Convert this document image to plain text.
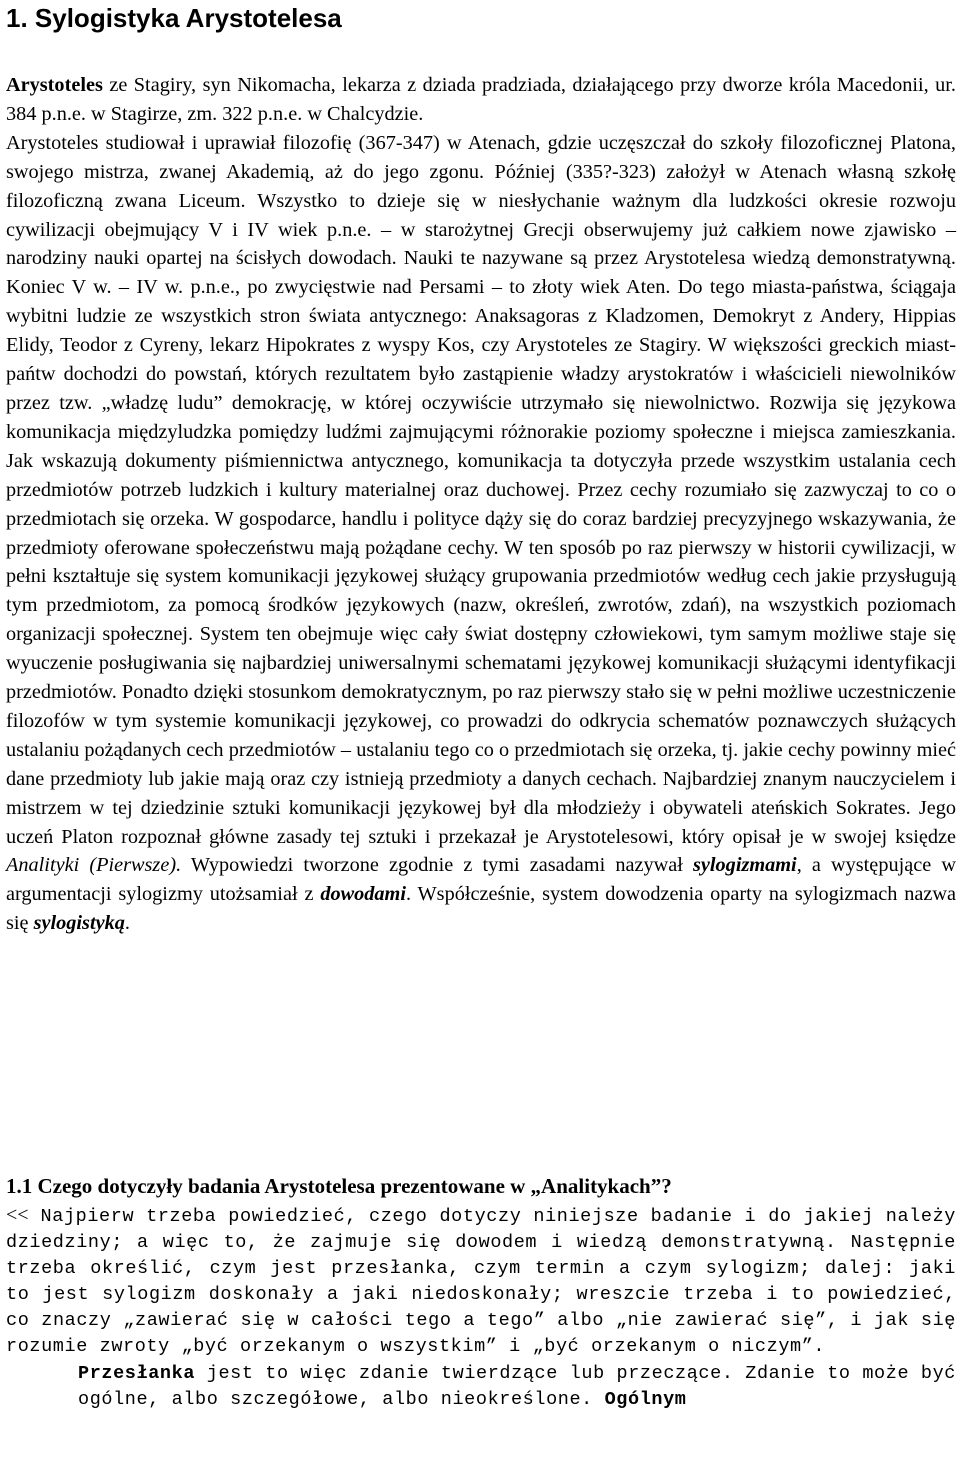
1. Sylogistyka Arystotelesa

Arystoteles ze Stagiry, syn Nikomacha, lekarza z dziada pradziada, działającego przy dworze króla Macedonii, ur. 384 p.n.e. w Stagirze, zm. 322 p.n.e. w Chalcydzie.

Arystoteles studiował i uprawiał filozofię (367-347) w Atenach, gdzie uczęszczał do szkoły filozoficznej Platona, swojego mistrza, zwanej Akademią, aż do jego zgonu. Później (335?-323) założył w Atenach własną szkołę filozoficzną zwana Liceum. Wszystko to dzieje się w niesłychanie ważnym dla ludzkości okresie rozwoju cywilizacji obejmujący V i IV wiek p.n.e. – w starożytnej Grecji obserwujemy już całkiem nowe zjawisko – narodziny nauki opartej na ścisłych dowodach. Nauki te nazywane są przez Arystotelesa wiedzą demonstratywną. Koniec V w. – IV w. p.n.e., po zwycięstwie nad Persami – to złoty wiek Aten. Do tego miasta-państwa, ściągaja wybitni ludzie ze wszystkich stron świata antycznego: Anaksagoras z Kladzomen, Demokryt z Andery, Hippias Elidy, Teodor z Cyreny, lekarz Hipokrates z wyspy Kos, czy Arystoteles ze Stagiry. W większości greckich miast-pańtw dochodzi do powstań, których rezultatem było zastąpienie władzy arystokratów i właścicieli niewolników przez tzw. „władzę ludu” demokrację, w której oczywiście utrzymało się niewolnictwo. Rozwija się językowa komunikacja międzyludzka pomiędzy ludźmi zajmującymi różnorakie poziomy społeczne i miejsca zamieszkania. Jak wskazują dokumenty piśmiennictwa antycznego, komunikacja ta dotyczyła przede wszystkim ustalania cech przedmiotów potrzeb ludzkich i kultury materialnej oraz duchowej. Przez cechy rozumiało się zazwyczaj to co o przedmiotach się orzeka. W gospodarce, handlu i polityce dąży się do coraz bardziej precyzyjnego wskazywania, że przedmioty oferowane społeczeństwu mają pożądane cechy. W ten sposób po raz pierwszy w historii cywilizacji, w pełni kształtuje się system komunikacji językowej służący grupowania przedmiotów według cech jakie przysługują tym przedmiotom, za pomocą środków językowych (nazw, określeń, zwrotów, zdań), na wszystkich poziomach organizacji społecznej. System ten obejmuje więc cały świat dostępny człowiekowi, tym samym możliwe staje się wyuczenie posługiwania się najbardziej uniwersalnymi schematami językowej komunikacji służącymi identyfikacji przedmiotów. Ponadto dzięki stosunkom demokratycznym, po raz pierwszy stało się w pełni możliwe uczestniczenie filozofów w tym systemie komunikacji językowej, co prowadzi do odkrycia schematów poznawczych służących ustalaniu pożądanych cech przedmiotów – ustalaniu tego co o przedmiotach się orzeka, tj. jakie cechy powinny mieć dane przedmioty lub jakie mają oraz czy istnieją przedmioty a danych cechach. Najbardziej znanym nauczycielem i mistrzem w tej dziedzinie sztuki komunikacji językowej był dla młodzieży i obywateli ateńskich Sokrates. Jego uczeń Platon rozpoznał główne zasady tej sztuki i przekazał je Arystotelesowi, który opisał je w swojej księdze Analityki (Pierwsze). Wypowiedzi tworzone zgodnie z tymi zasadami nazywał sylogizmami, a występujące w argumentacji sylogizmy utożsamiał z dowodami. Współcześnie, system dowodzenia oparty na sylogizmach nazwa się sylogistyką.

1.1 Czego dotyczyły badania Arystotelesa prezentowane w „Analitykach”?

<< Najpierw trzeba powiedzieć, czego dotyczy niniejsze badanie i do jakiej należy dziedziny; a więc to, że zajmuje się dowodem i wiedzą demonstratywną. Następnie trzeba określić, czym jest przesłanka, czym termin a czym sylogizm; dalej: jaki to jest sylogizm doskonały a jaki niedoskonały; wreszcie trzeba i to powiedzieć, co znaczy „zawierać się w całości tego a tego” albo „nie zawierać się”, i jak się rozumie zwroty „być orzekanym o wszystkim” i „być orzekanym o niczym”.

Przesłanka jest to więc zdanie twierdzące lub przeczące. Zdanie to może być ogólne, albo szczegółowe, albo nieokreślone. Ogólnym
